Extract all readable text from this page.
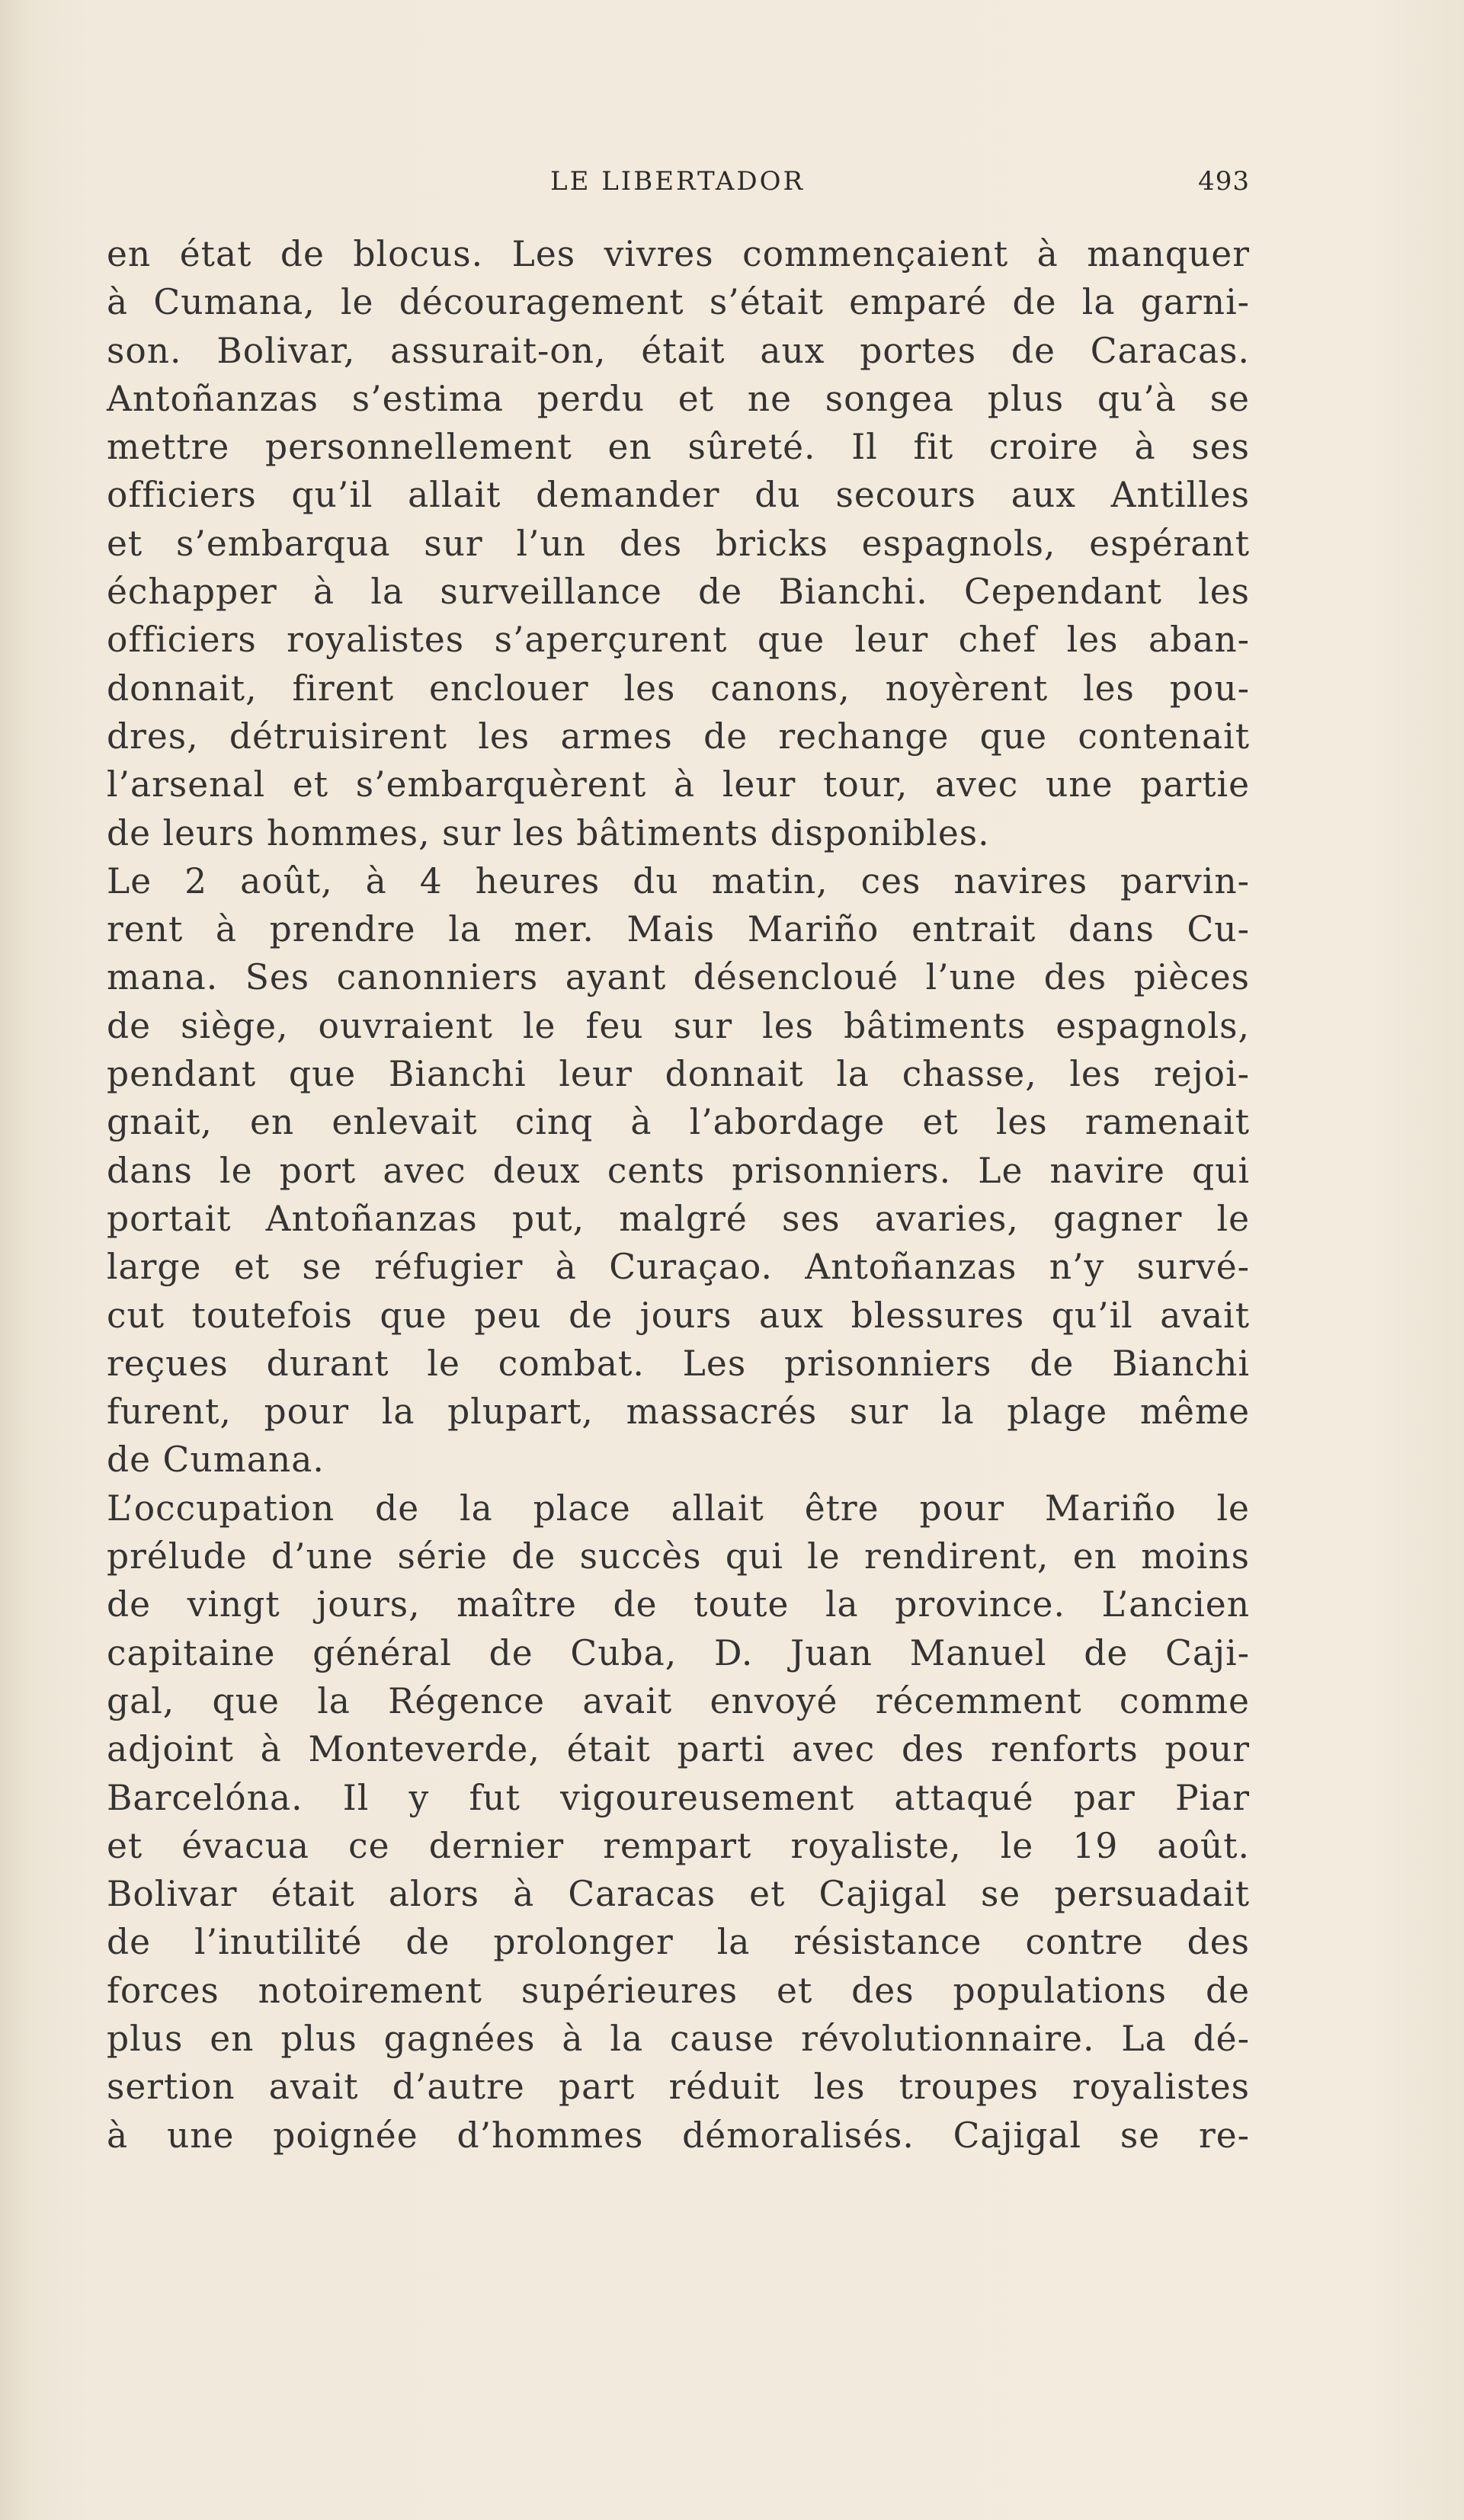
LE LIBERTADOR	493
en état de blocus. Les vivres commençaient à manquer
à Cumana, le découragement s’était emparé de la garni-
son. Bolivar, assurait-on, était aux portes de Caracas.
Antoñanzas s’estima perdu et ne songea plus qu’à se
mettre personnellement en sûreté. Il fit croire à ses
officiers qu’il allait demander du secours aux Antilles
et s’embarqua sur l’un des bricks espagnols, espérant
échapper à la surveillance de Bianchi. Cependant les
officiers royalistes s’aperçurent que leur chef les aban-
donnait, firent enclouer les canons, noyèrent les pou-
dres, détruisirent les armes de rechange que contenait
l’arsenal et s’embarquèrent à leur tour, avec une partie
de leurs hommes, sur les bâtiments disponibles.
Le 2 août, à 4 heures du matin, ces navires parvin-
rent à prendre la mer. Mais Mariño entrait dans Cu-
mana. Ses canonniers ayant désencloué l’une des pièces
de siège, ouvraient le feu sur les bâtiments espagnols,
pendant que Bianchi leur donnait la chasse, les rejoi-
gnait, en enlevait cinq à l’abordage et les ramenait
dans le port avec deux cents prisonniers. Le navire qui
portait Antoñanzas put, malgré ses avaries, gagner le
large et se réfugier à Curaçao. Antoñanzas n’y survé-
cut toutefois que peu de jours aux blessures qu’il avait
reçues durant le combat. Les prisonniers de Bianchi
furent, pour la plupart, massacrés sur la plage même
de Cumana.
L’occupation de la place allait être pour Mariño le
prélude d’une série de succès qui le rendirent, en moins
de vingt jours, maître de toute la province. L’ancien
capitaine général de Cuba, D. Juan Manuel de Caji-
gal, que la Régence avait envoyé récemment comme
adjoint à Monteverde, était parti avec des renforts pour
Barcelóna. Il y fut vigoureusement attaqué par Piar
et évacua ce dernier rempart royaliste, le 19 août.
Bolivar était alors à Caracas et Cajigal se persuadait
de l’inutilité de prolonger la résistance contre des
forces notoirement supérieures et des populations de
plus en plus gagnées à la cause révolutionnaire. La dé-
sertion avait d’autre part réduit les troupes royalistes
à une poignée d’hommes démoralisés. Cajigal se re-
